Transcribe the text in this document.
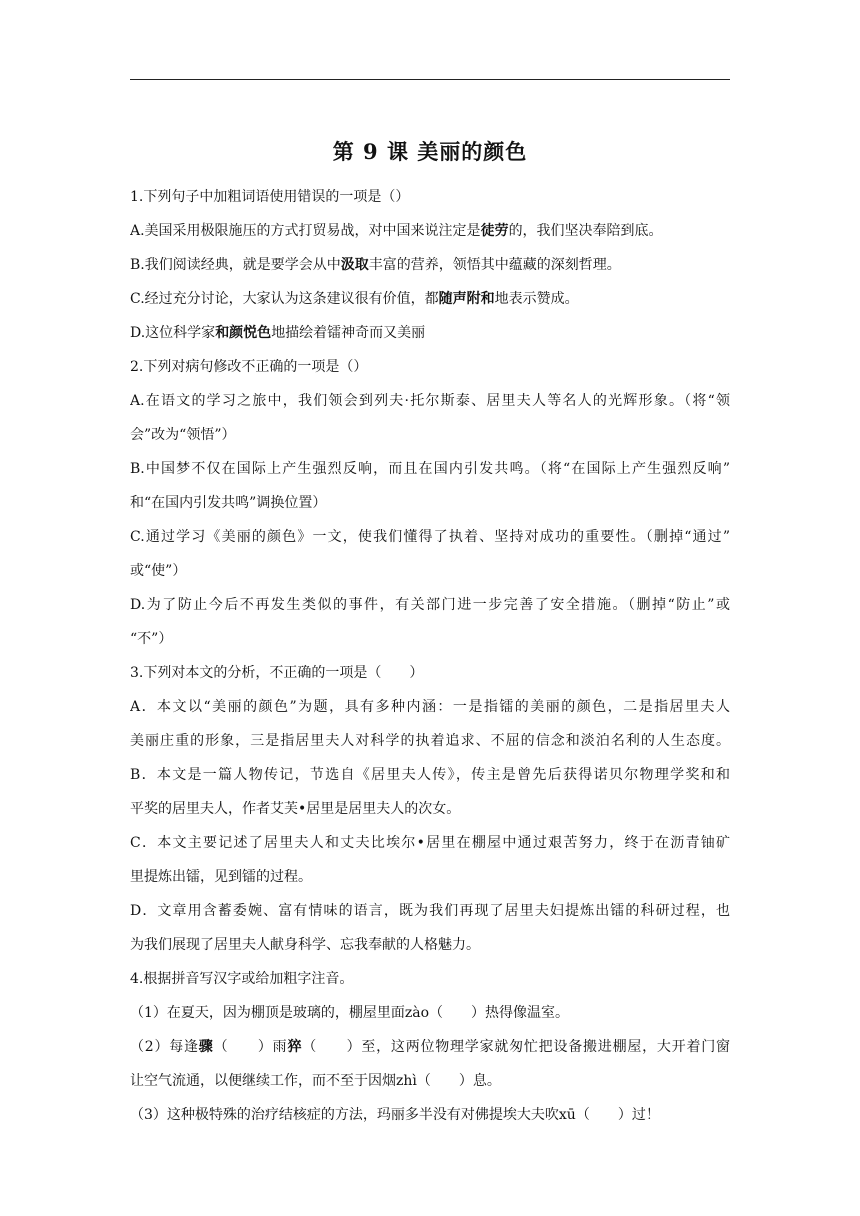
第 9 课 美丽的颜色
1.下列句子中加粗词语使用错误的一项是（）
A.美国采用极限施压的方式打贸易战，对中国来说注定是徒劳的，我们坚决奉陪到底。
B.我们阅读经典，就是要学会从中汲取丰富的营养，领悟其中蕴藏的深刻哲理。
C.经过充分讨论，大家认为这条建议很有价值，都随声附和地表示赞成。
D.这位科学家和颜悦色地描绘着镭神奇而又美丽
2.下列对病句修改不正确的一项是（）
A.在语文的学习之旅中，我们领会到列夫·托尔斯泰、居里夫人等名人的光辉形象。（将“领
会”改为“领悟”）
B.中国梦不仅在国际上产生强烈反响，而且在国内引发共鸣。（将“在国际上产生强烈反响”
和“在国内引发共鸣”调换位置）
C.通过学习《美丽的颜色》一文，使我们懂得了执着、坚持对成功的重要性。（删掉“通过”
或“使”）
D.为了防止今后不再发生类似的事件，有关部门进一步完善了安全措施。（删掉“防止”或
“不”）
3.下列对本文的分析，不正确的一项是（　　）
A．本文以“美丽的颜色”为题，具有多种内涵：一是指镭的美丽的颜色，二是指居里夫人
美丽庄重的形象，三是指居里夫人对科学的执着追求、不屈的信念和淡泊名利的人生态度。
B．本文是一篇人物传记，节选自《居里夫人传》，传主是曾先后获得诺贝尔物理学奖和和
平奖的居里夫人，作者艾芙•居里是居里夫人的次女。
C．本文主要记述了居里夫人和丈夫比埃尔•居里在棚屋中通过艰苦努力，终于在沥青铀矿
里提炼出镭，见到镭的过程。
D．文章用含蓄委婉、富有情味的语言，既为我们再现了居里夫妇提炼出镭的科研过程，也
为我们展现了居里夫人献身科学、忘我奉献的人格魅力。
4.根据拼音写汉字或给加粗字注音。
（1）在夏天，因为棚顶是玻璃的，棚屋里面zào（　　）热得像温室。
（2）每逢骤（　　）雨猝（　　）至，这两位物理学家就匆忙把设备搬进棚屋，大开着门窗
让空气流通，以便继续工作，而不至于因烟zhì（　　）息。
（3）这种极特殊的治疗结核症的方法，玛丽多半没有对佛提埃大夫吹xū（　　）过！
